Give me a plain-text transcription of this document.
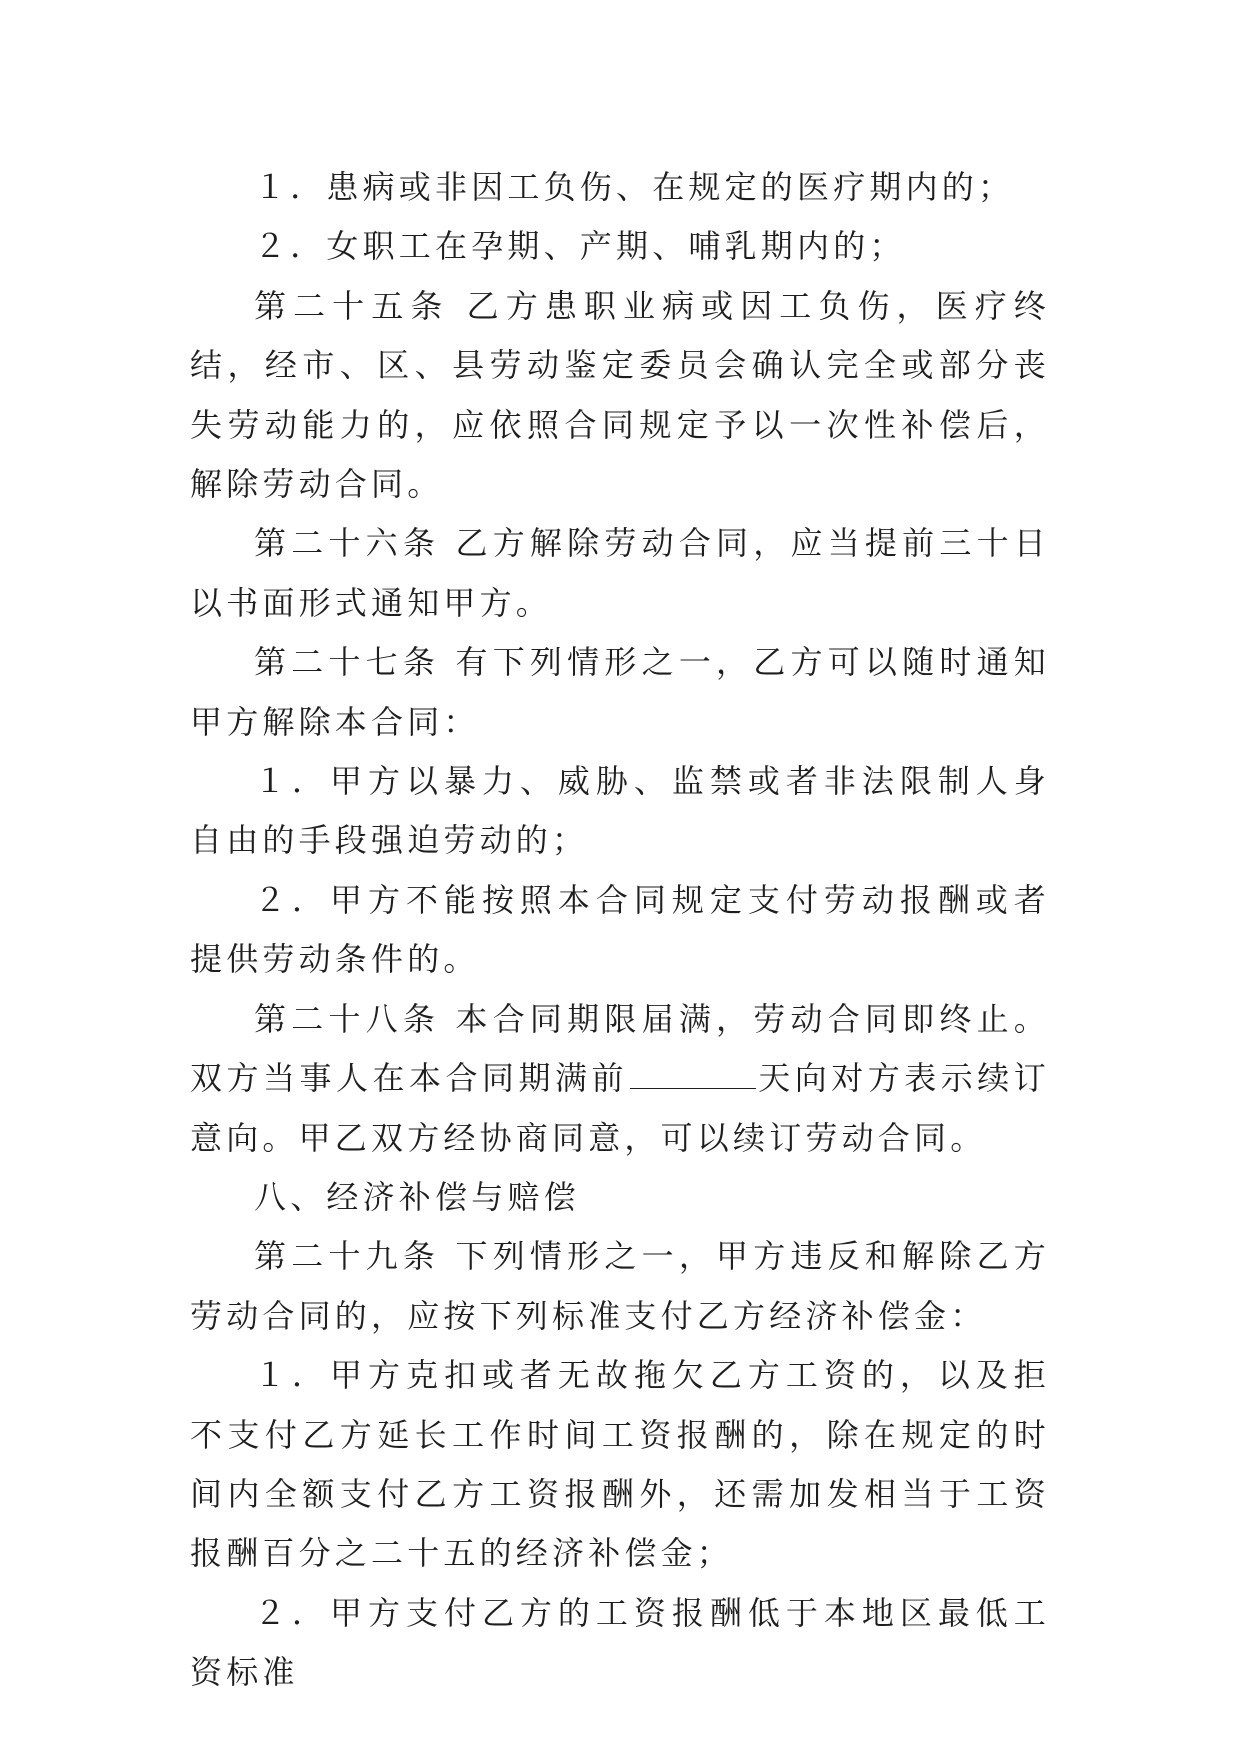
１．患病或非因工负伤、在规定的医疗期内的；

２．女职工在孕期、产期、哺乳期内的；

第二十五条 乙方患职业病或因工负伤，医疗终结，经市、区、县劳动鉴定委员会确认完全或部分丧失劳动能力的，应依照合同规定予以一次性补偿后，解除劳动合同。

第二十六条 乙方解除劳动合同，应当提前三十日以书面形式通知甲方。

第二十七条 有下列情形之一，乙方可以随时通知甲方解除本合同：

１．甲方以暴力、威胁、监禁或者非法限制人身自由的手段强迫劳动的；

２．甲方不能按照本合同规定支付劳动报酬或者提供劳动条件的。

第二十八条 本合同期限届满，劳动合同即终止。双方当事人在本合同期满前	天向对方表示续订意向。甲乙双方经协商同意，可以续订劳动合同。

八、经济补偿与赔偿

第二十九条 下列情形之一，甲方违反和解除乙方劳动合同的，应按下列标准支付乙方经济补偿金：

１．甲方克扣或者无故拖欠乙方工资的，以及拒不支付乙方延长工作时间工资报酬的，除在规定的时间内全额支付乙方工资报酬外，还需加发相当于工资报酬百分之二十五的经济补偿金；

２．甲方支付乙方的工资报酬低于本地区最低工资标准
